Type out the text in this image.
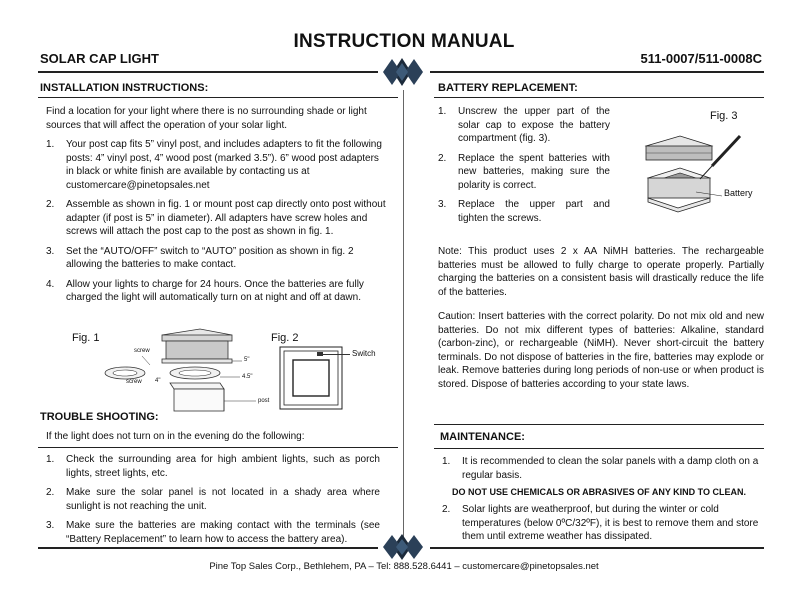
INSTRUCTION MANUAL
SOLAR CAP LIGHT	511-0007/511-0008C
INSTALLATION INSTRUCTIONS:
Find a location for your light where there is no surrounding shade or light sources that will affect the operation of your solar light.
1. Your post cap fits 5” vinyl post, and includes adapters to fit the following posts: 4” vinyl post, 4” wood post (marked 3.5”). 6” wood post adapters in black or white finish are available by contacting us at customercare@pinetopsales.net
2. Assemble as shown in fig. 1 or mount post cap directly onto post without adapter (if post is 5” in diameter). All adapters have screw holes and screws will attach the post cap to the post as shown in fig. 1.
3. Set the “AUTO/OFF” switch to “AUTO” position as shown in fig. 2 allowing the batteries to make contact.
4. Allow your lights to charge for 24 hours. Once the batteries are fully charged the light will automatically turn on at night and off at dawn.
Fig. 1
screw
screw
5"
4.5"
4"
post
Fig. 2
Switch
TROUBLE SHOOTING:
If the light does not turn on in the evening do the following:
1. Check the surrounding area for high ambient lights, such as porch lights, street lights, etc.
2. Make sure the solar panel is not located in a shady area where sunlight is not reaching the unit.
3. Make sure the batteries are making contact with the terminals (see “Battery Replacement” to learn how to access the battery area).
BATTERY REPLACEMENT:
1. Unscrew the upper part of the solar cap to expose the battery compartment (fig. 3).
2. Replace the spent batteries with new batteries, making sure the polarity is correct.
3. Replace the upper part and tighten the screws.
Fig. 3
Battery
Note: This product uses 2 x AA NiMH batteries. The rechargeable batteries must be allowed to fully charge to operate properly. Partially charging the batteries on a consistent basis will drastically reduce the life of the batteries.
Caution: Insert batteries with the correct polarity. Do not mix old and new batteries. Do not mix different types of batteries: Alkaline, standard (carbon-zinc), or rechargeable (NiMH). Never short-circuit the battery terminals. Do not dispose of batteries in the fire, batteries may explode or leak. Remove batteries during long periods of non-use or when product is stored. Dispose of batteries according to your state laws.
MAINTENANCE:
1. It is recommended to clean the solar panels with a damp cloth on a regular basis.
DO NOT USE CHEMICALS OR ABRASIVES OF ANY KIND TO CLEAN.
2. Solar lights are weatherproof, but during the winter or cold temperatures (below 0ºC/32ºF), it is best to remove them and store them until extreme weather has dissipated.
Pine Top Sales Corp., Bethlehem, PA – Tel: 888.528.6441 – customercare@pinetopsales.net
